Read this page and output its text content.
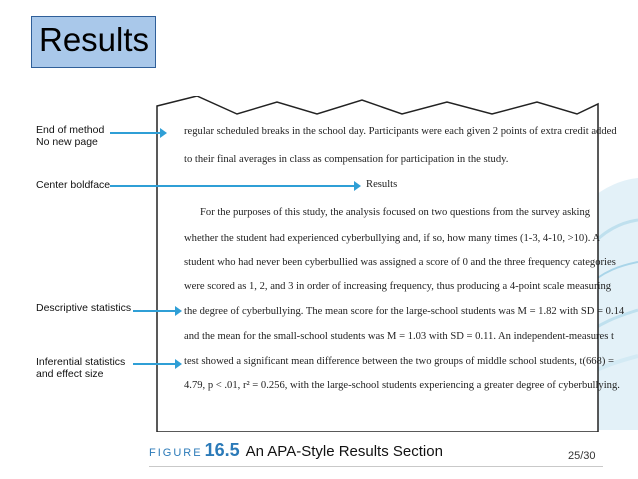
Results
regular scheduled breaks in the school day. Participants were each given 2 points of extra credit added
to their final averages in class as compensation for participation in the study.
Results
For the purposes of this study, the analysis focused on two questions from the survey asking
whether the student had experienced cyberbullying and, if so, how many times (1-3, 4-10, >10). A
student who had never been cyberbullied was assigned a score of 0 and the three frequency categories
were scored as 1, 2, and 3 in order of increasing frequency, thus producing a 4-point scale measuring
the degree of cyberbullying. The mean score for the large-school students was M = 1.82 with SD = 0.14
and the mean for the small-school students was M = 1.03 with SD = 0.11. An independent-measures t
test showed a significant mean difference between the two groups of middle school students, t(668) =
4.79, p < .01, r² = 0.256, with the large-school students experiencing a greater degree of cyberbullying.
End of method
No new page
Center boldface
Descriptive statistics
Inferential statistics
and effect size
FIGURE 16.5 An APA-Style Results Section	25/30
